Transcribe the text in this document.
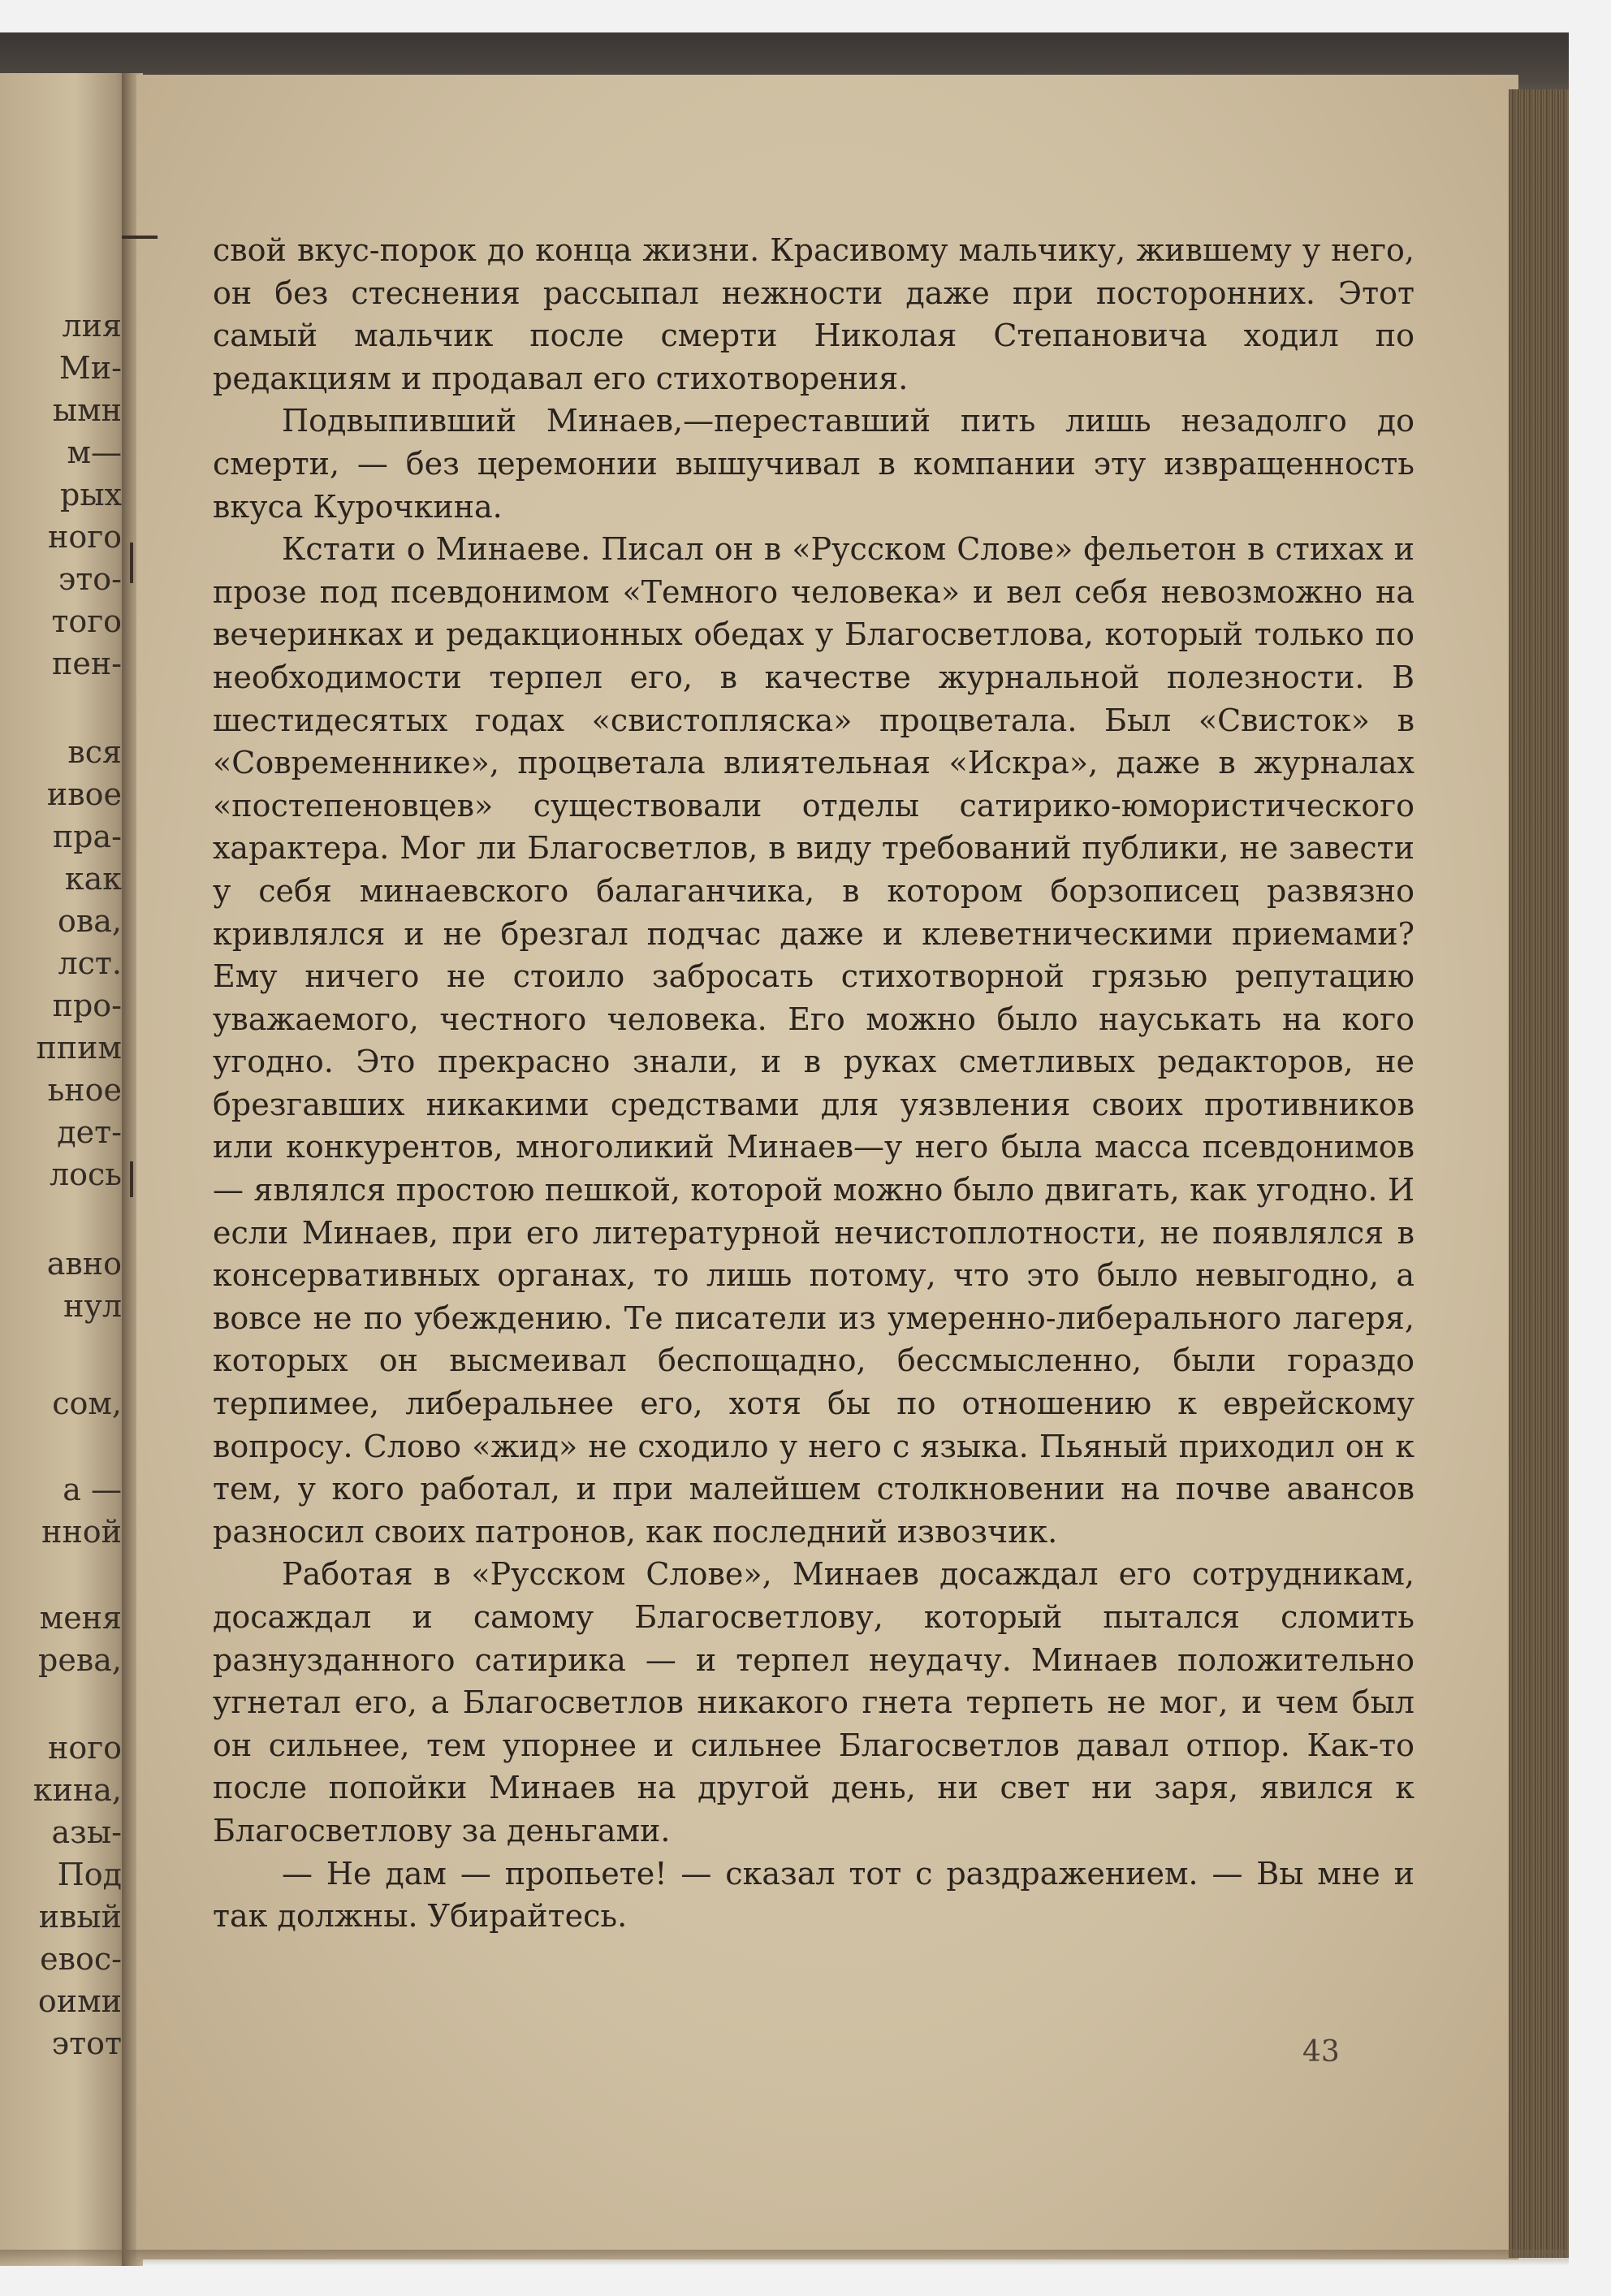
лия
Ми-
ымн
м—
рых
ного
это-
того
пен-
вся
ивое
пра-
как
ова,
лст.
про-
ппим
ьное
дет-
лось
авно
нул
сом,
а —
нной
меня
рева,
ного
кина,
азы-
Под
ивый
евос-
оими
этот

свой вкус-порок до конца жизни. Красивому мальчику, жившему у него, он без стеснения рассыпал нежности даже при посторонних. Этот самый мальчик после смерти Николая Степановича ходил по редакциям и продавал его стихотворения.

Подвыпивший Минаев,—переставший пить лишь незадолго до смерти, — без церемонии вышучивал в компании эту извращенность вкуса Курочкина.

Кстати о Минаеве. Писал он в «Русском Слове» фельетон в стихах и прозе под псевдонимом «Темного человека» и вел себя невозможно на вечеринках и редакционных обедах у Благосветлова, который только по необходимости терпел его, в качестве журнальной полезности. В шестидесятых годах «свистопляска» процветала. Был «Свисток» в «Современнике», процветала влиятельная «Искра», даже в журналах «постепеновцев» существовали отделы сатирико-юмористического характера. Мог ли Благосветлов, в виду требований публики, не завести у себя минаевского балаганчика, в котором борзописец развязно кривлялся и не брезгал подчас даже и клеветническими приемами? Ему ничего не стоило забросать стихотворной грязью репутацию уважаемого, честного человека. Его можно было науськать на кого угодно. Это прекрасно знали, и в руках сметливых редакторов, не брезгавших никакими средствами для уязвления своих противников или конкурентов, многоликий Минаев—у него была масса псевдонимов — являлся простою пешкой, которой можно было двигать, как угодно. И если Минаев, при его литературной нечистоплотности, не появлялся в консервативных органах, то лишь потому, что это было невыгодно, а вовсе не по убеждению. Те писатели из умеренно-либерального лагеря, которых он высмеивал беспощадно, бессмысленно, были гораздо терпимее, либеральнее его, хотя бы по отношению к еврейскому вопросу. Слово «жид» не сходило у него с языка. Пьяный приходил он к тем, у кого работал, и при малейшем столкновении на почве авансов разносил своих патронов, как последний извозчик.

Работая в «Русском Слове», Минаев досаждал его сотрудникам, досаждал и самому Благосветлову, который пытался сломить разнузданного сатирика — и терпел неудачу. Минаев положительно угнетал его, а Благосветлов никакого гнета терпеть не мог, и чем был он сильнее, тем упорнее и сильнее Благосветлов давал отпор. Как-то после попойки Минаев на другой день, ни свет ни заря, явился к Благосветлову за деньгами.

— Не дам — пропьете! — сказал тот с раздражением. — Вы мне и так должны. Убирайтесь.

43
